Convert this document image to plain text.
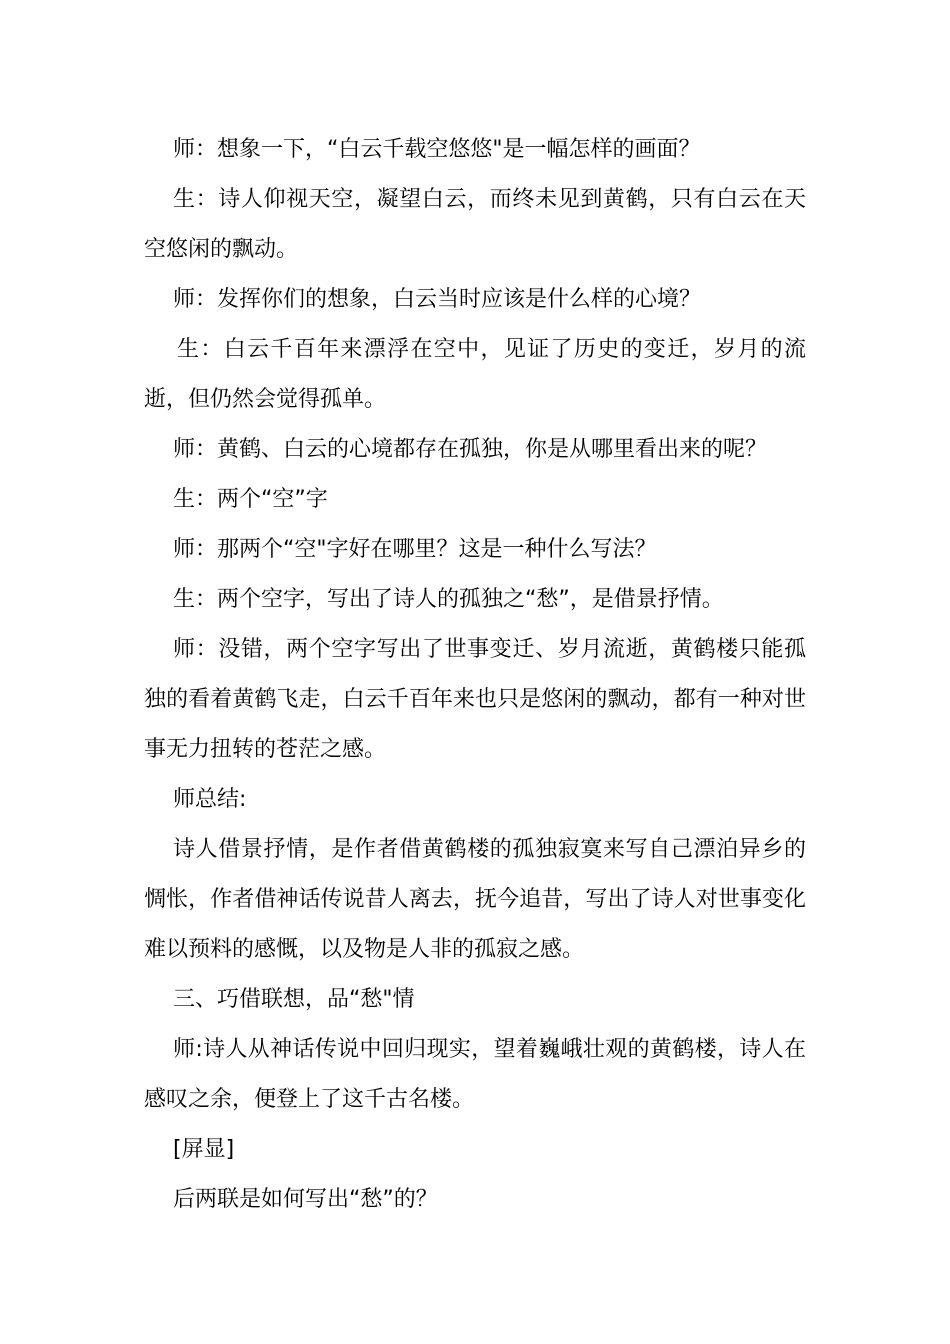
师：想象一下，“白云千载空悠悠"是一幅怎样的画面？

生：诗人仰视天空，凝望白云，而终未见到黄鹤，只有白云在天空悠闲的飘动。

师：发挥你们的想象，白云当时应该是什么样的心境？

生：白云千百年来漂浮在空中，见证了历史的变迁，岁月的流逝，但仍然会觉得孤单。

师：黄鹤、白云的心境都存在孤独，你是从哪里看出来的呢？

生：两个“空”字

师：那两个“空"字好在哪里？这是一种什么写法？

生：两个空字，写出了诗人的孤独之“愁”，是借景抒情。

师：没错，两个空字写出了世事变迁、岁月流逝，黄鹤楼只能孤独的看着黄鹤飞走，白云千百年来也只是悠闲的飘动，都有一种对世事无力扭转的苍茫之感。

师总结:

诗人借景抒情，是作者借黄鹤楼的孤独寂寞来写自己漂泊异乡的惆怅，作者借神话传说昔人离去，抚今追昔，写出了诗人对世事变化难以预料的感慨，以及物是人非的孤寂之感。

三、巧借联想，品“愁"情

师:诗人从神话传说中回归现实，望着巍峨壮观的黄鹤楼，诗人在感叹之余，便登上了这千古名楼。

[屏显]

后两联是如何写出“愁”的？
